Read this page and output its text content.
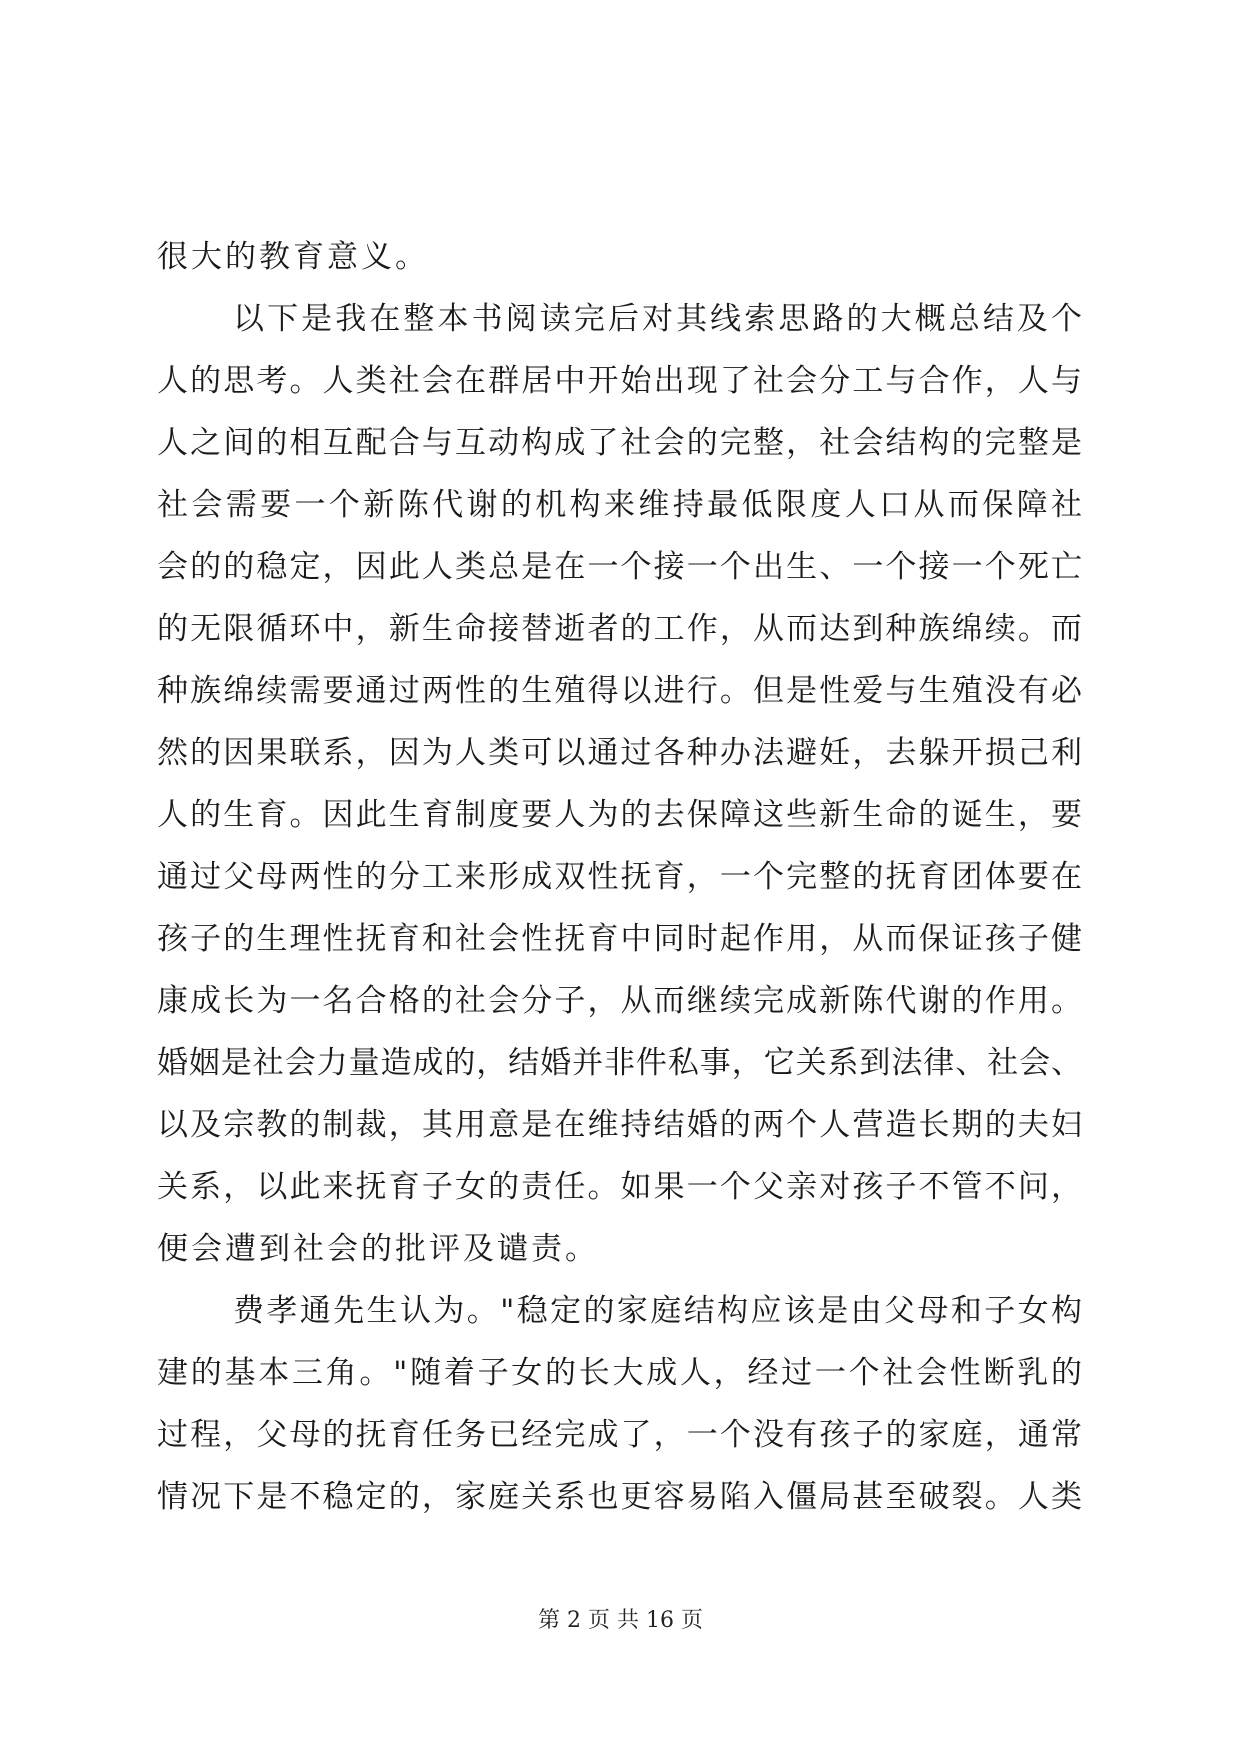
很大的教育意义。
以下是我在整本书阅读完后对其线索思路的大概总结及个
人的思考。人类社会在群居中开始出现了社会分工与合作，人与
人之间的相互配合与互动构成了社会的完整，社会结构的完整是
社会需要一个新陈代谢的机构来维持最低限度人口从而保障社
会的的稳定，因此人类总是在一个接一个出生、一个接一个死亡
的无限循环中，新生命接替逝者的工作，从而达到种族绵续。而
种族绵续需要通过两性的生殖得以进行。但是性爱与生殖没有必
然的因果联系，因为人类可以通过各种办法避妊，去躲开损己利
人的生育。因此生育制度要人为的去保障这些新生命的诞生，要
通过父母两性的分工来形成双性抚育，一个完整的抚育团体要在
孩子的生理性抚育和社会性抚育中同时起作用，从而保证孩子健
康成长为一名合格的社会分子，从而继续完成新陈代谢的作用。
婚姻是社会力量造成的，结婚并非件私事，它关系到法律、社会、
以及宗教的制裁，其用意是在维持结婚的两个人营造长期的夫妇
关系，以此来抚育子女的责任。如果一个父亲对孩子不管不问，
便会遭到社会的批评及谴责。
费孝通先生认为。"稳定的家庭结构应该是由父母和子女构
建的基本三角。"随着子女的长大成人，经过一个社会性断乳的
过程，父母的抚育任务已经完成了，一个没有孩子的家庭，通常
情况下是不稳定的，家庭关系也更容易陷入僵局甚至破裂。人类
第 2 页 共 16 页
